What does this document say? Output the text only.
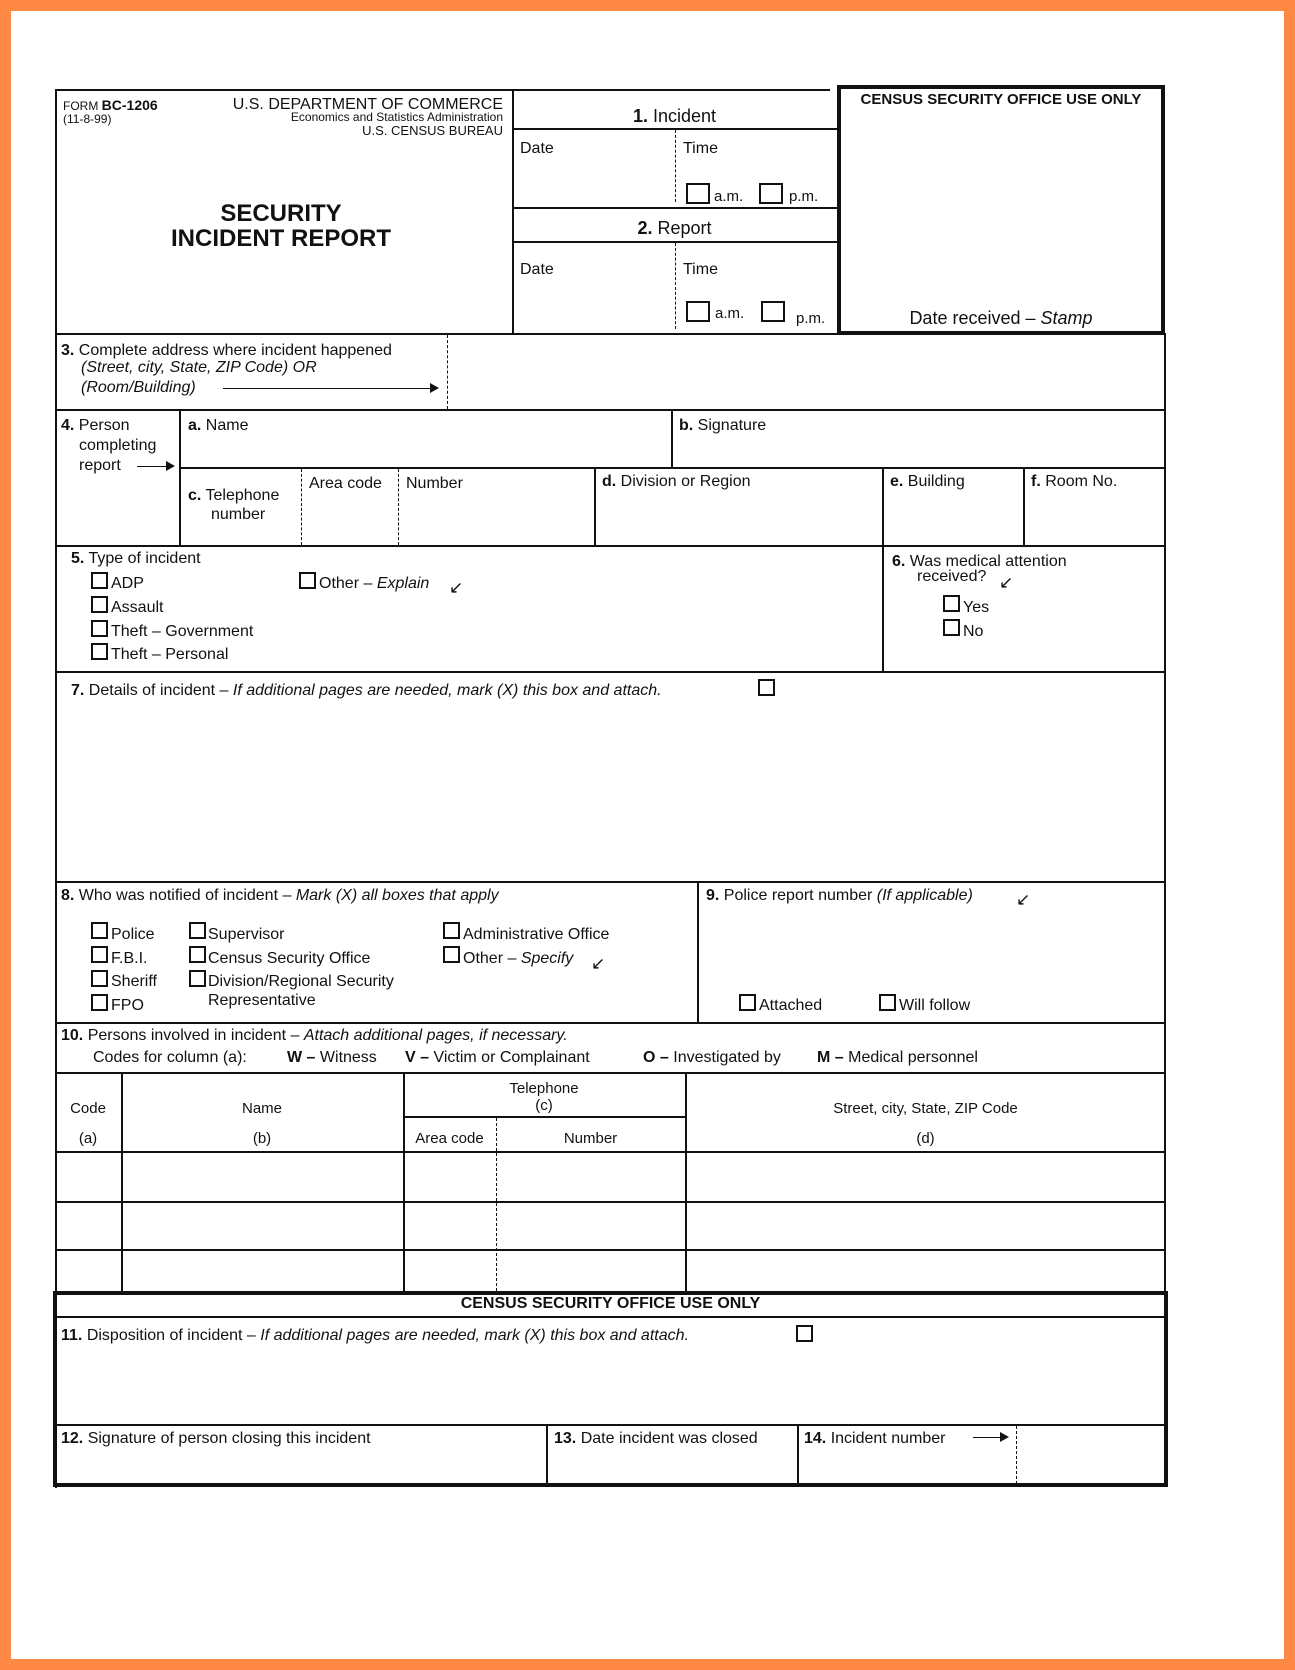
FORM BC-1206
(11-8-99)
U.S. DEPARTMENT OF COMMERCE
Economics and Statistics Administration
U.S. CENSUS BUREAU
SECURITY
INCIDENT REPORT
1. Incident
Date	Time
a.m.	p.m.
2. Report
Date	Time
a.m.	p.m.
CENSUS SECURITY OFFICE USE ONLY
Date received – Stamp
3. Complete address where incident happened
(Street, city, State, ZIP Code) OR
(Room/Building)
4. Person
completing
report
a. Name	b. Signature
c. Telephone
number
Area code Number	d. Division or Region	e. Building	f. Room No.
5. Type of incident
ADP
Assault
Theft – Government
Theft – Personal
Other – Explain ↙
6. Was medical attention
received? ↙
Yes
No
7. Details of incident – If additional pages are needed, mark (X) this box and attach.
8. Who was notified of incident – Mark (X) all boxes that apply
Police
F.B.I.
Sheriff
FPO
Supervisor
Census Security Office
Division/Regional Security
Representative
Administrative Office
Other – Specify ↙
9. Police report number (If applicable)	↙
Attached	Will follow
10. Persons involved in incident – Attach additional pages, if necessary.
Codes for column (a):	W – Witness V – Victim or Complainant	O – Investigated by M – Medical personnel
Code
(a)
Name
(b)
Telephone
(c)
Area code	Number
Street, city, State, ZIP Code
(d)
CENSUS SECURITY OFFICE USE ONLY
11. Disposition of incident – If additional pages are needed, mark (X) this box and attach.
12. Signature of person closing this incident	13. Date incident was closed	14. Incident number
